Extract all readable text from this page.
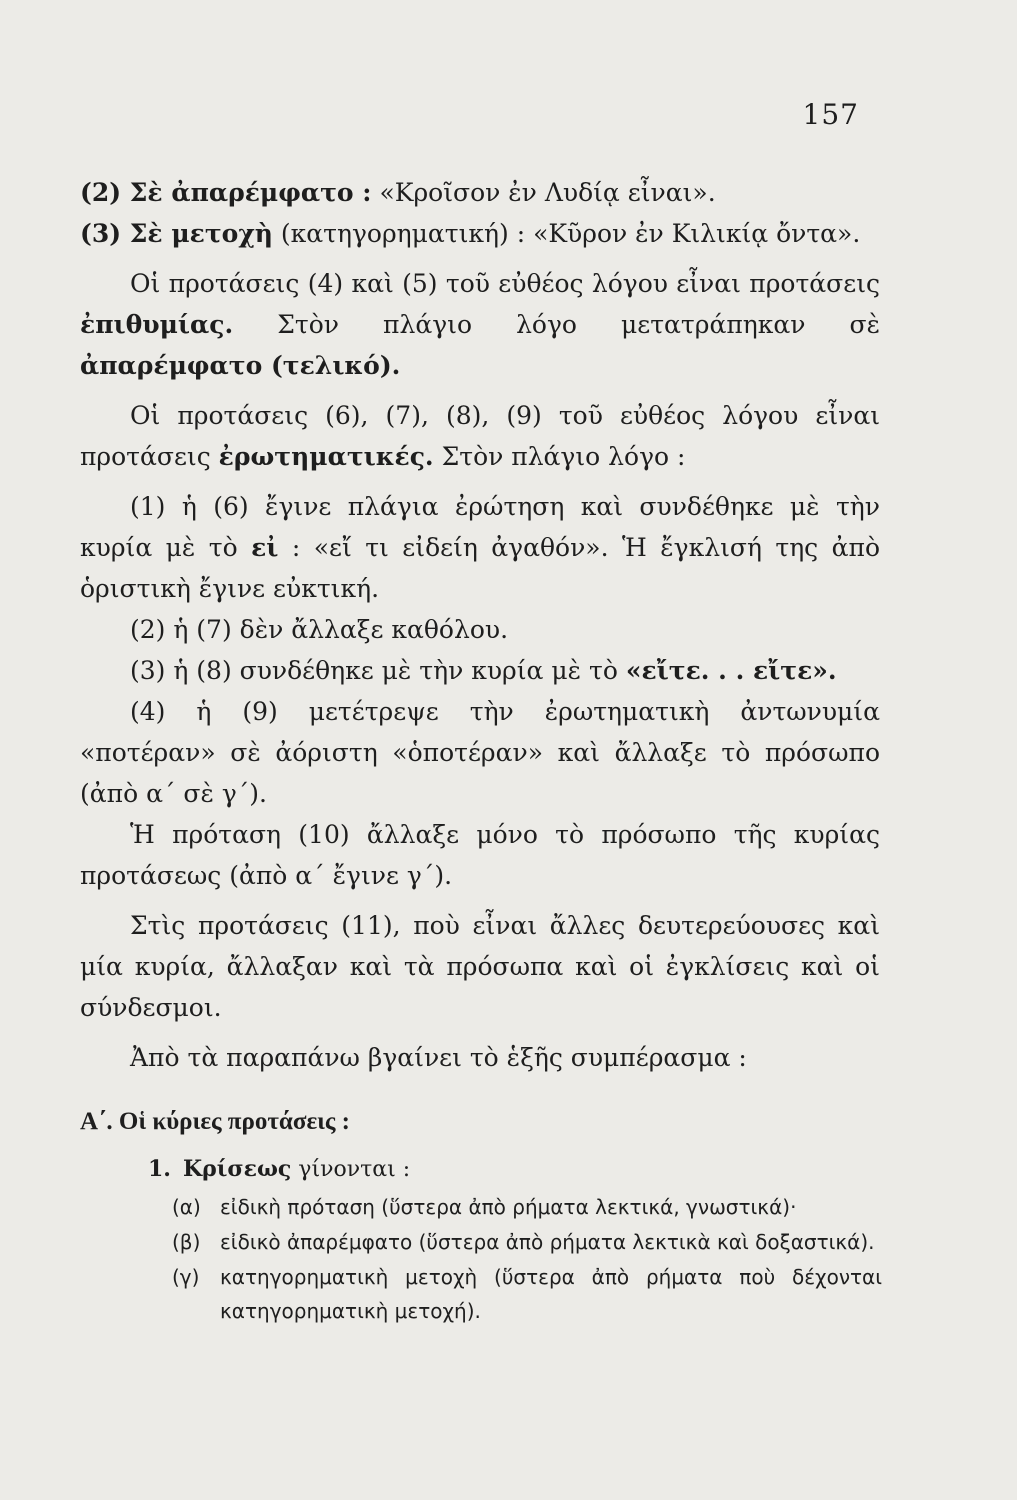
157

(2) Σὲ ἀπαρέμφατο : «Κροῖσον ἐν Λυδίᾳ εἶναι».

(3) Σὲ μετοχὴ (κατηγορηματική) : «Κῦρον ἐν Κιλικίᾳ ὄντα».

Οἱ προτάσεις (4) καὶ (5) τοῦ εὐθέος λόγου εἶναι προτάσεις ἐπιθυμίας. Στὸν πλάγιο λόγο μετατράπηκαν σὲ ἀπαρέμφατο (τελικό).

Οἱ προτάσεις (6), (7), (8), (9) τοῦ εὐθέος λόγου εἶναι προτάσεις ἐρωτηματικές. Στὸν πλάγιο λόγο :

(1) ἡ (6) ἔγινε πλάγια ἐρώτηση καὶ συνδέθηκε μὲ τὴν κυρία μὲ τὸ εἰ : «εἴ τι εἰδείη ἀγαθόν». Ἡ ἔγκλισή της ἀπὸ ὁριστικὴ ἔγινε εὐκτική.

(2) ἡ (7) δὲν ἄλλαξε καθόλου.

(3) ἡ (8) συνδέθηκε μὲ τὴν κυρία μὲ τὸ «εἴτε. . . εἴτε».

(4) ἡ (9) μετέτρεψε τὴν ἐρωτηματικὴ ἀντωνυμία «ποτέραν» σὲ ἀόριστη «ὁποτέραν» καὶ ἄλλαξε τὸ πρόσωπο (ἀπὸ α΄ σὲ γ΄).

Ἡ πρόταση (10) ἄλλαξε μόνο τὸ πρόσωπο τῆς κυρίας προτάσεως (ἀπὸ α΄ ἔγινε γ΄).

Στὶς προτάσεις (11), ποὺ εἶναι ἄλλες δευτερεύουσες καὶ μία κυρία, ἄλλαξαν καὶ τὰ πρόσωπα καὶ οἱ ἐγκλίσεις καὶ οἱ σύνδεσμοι.

Ἀπὸ τὰ παραπάνω βγαίνει τὸ ἑξῆς συμπέρασμα :

Α΄. Οἱ κύριες προτάσεις :
1. Κρίσεως γίνονται :
(α) εἰδικὴ πρόταση (ὕστερα ἀπὸ ρήματα λεκτικά, γνωστικά)·
(β) εἰδικὸ ἀπαρέμφατο (ὕστερα ἀπὸ ρήματα λεκτικὰ καὶ δοξαστικά).
(γ)	κατηγορηματικὴ μετοχὴ (ὕστερα ἀπὸ ρήματα ποὺ δέχονται κατηγορηματικὴ μετοχή).
